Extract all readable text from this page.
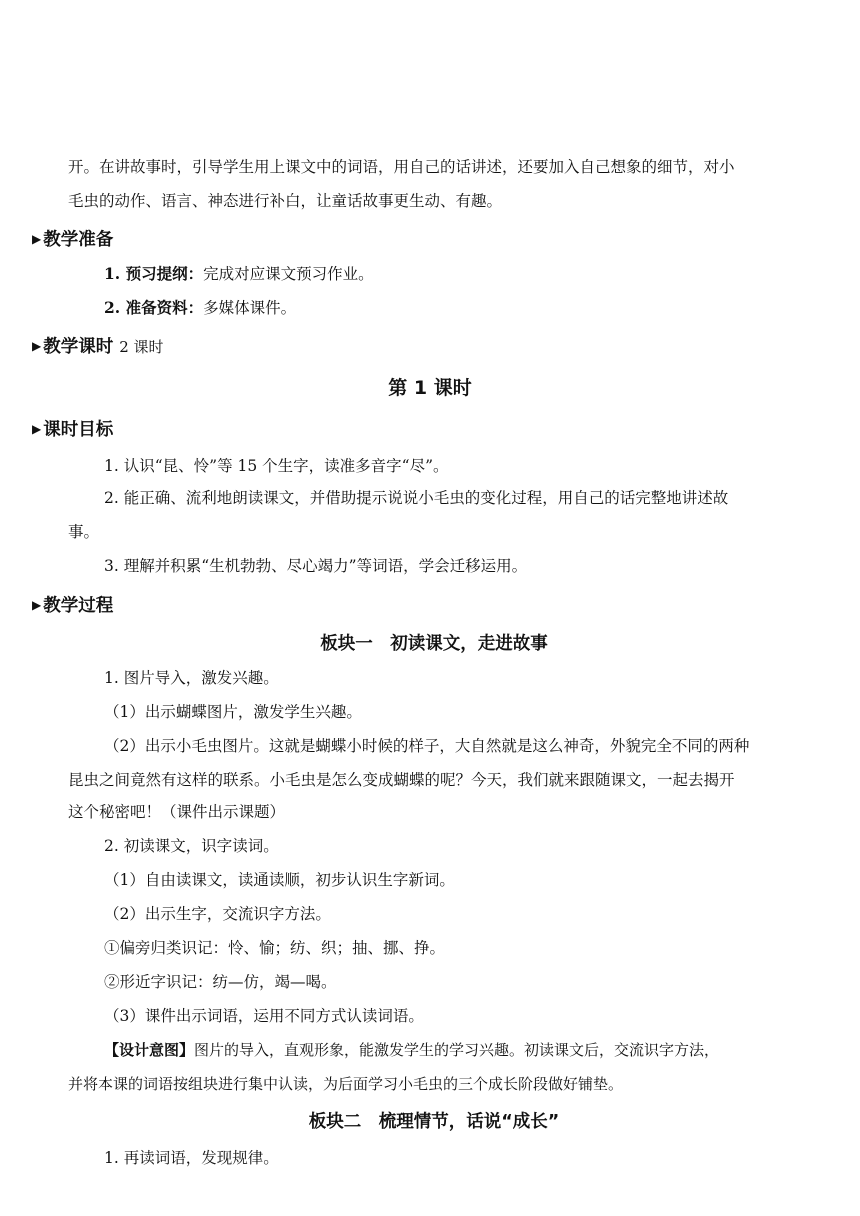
开。在讲故事时，引导学生用上课文中的词语，用自己的话讲述，还要加入自己想象的细节，对小
毛虫的动作、语言、神态进行补白，让童话故事更生动、有趣。
▶ 教学准备
1. 预习提纲：完成对应课文预习作业。
2. 准备资料：多媒体课件。
▶ 教学课时 2 课时
第 1 课时
▶ 课时目标
1. 认识“昆、怜”等 15 个生字，读准多音字“尽”。
2. 能正确、流利地朗读课文，并借助提示说说小毛虫的变化过程，用自己的话完整地讲述故
事。
3. 理解并积累“生机勃勃、尽心竭力”等词语，学会迁移运用。
▶ 教学过程
板块一　初读课文，走进故事
1. 图片导入，激发兴趣。
（1）出示蝴蝶图片，激发学生兴趣。
（2）出示小毛虫图片。这就是蝴蝶小时候的样子，大自然就是这么神奇，外貌完全不同的两种
昆虫之间竟然有这样的联系。小毛虫是怎么变成蝴蝶的呢？今天，我们就来跟随课文，一起去揭开
这个秘密吧！（课件出示课题）
2. 初读课文，识字读词。
（1）自由读课文，读通读顺，初步认识生字新词。
（2）出示生字，交流识字方法。
①偏旁归类识记：怜、愉；纺、织；抽、挪、挣。
②形近字识记：纺—仿，竭—喝。
（3）课件出示词语，运用不同方式认读词语。
【设计意图】图片的导入，直观形象，能激发学生的学习兴趣。初读课文后，交流识字方法，
并将本课的词语按组块进行集中认读，为后面学习小毛虫的三个成长阶段做好铺垫。
板块二　梳理情节，话说“成长”
1. 再读词语，发现规律。
